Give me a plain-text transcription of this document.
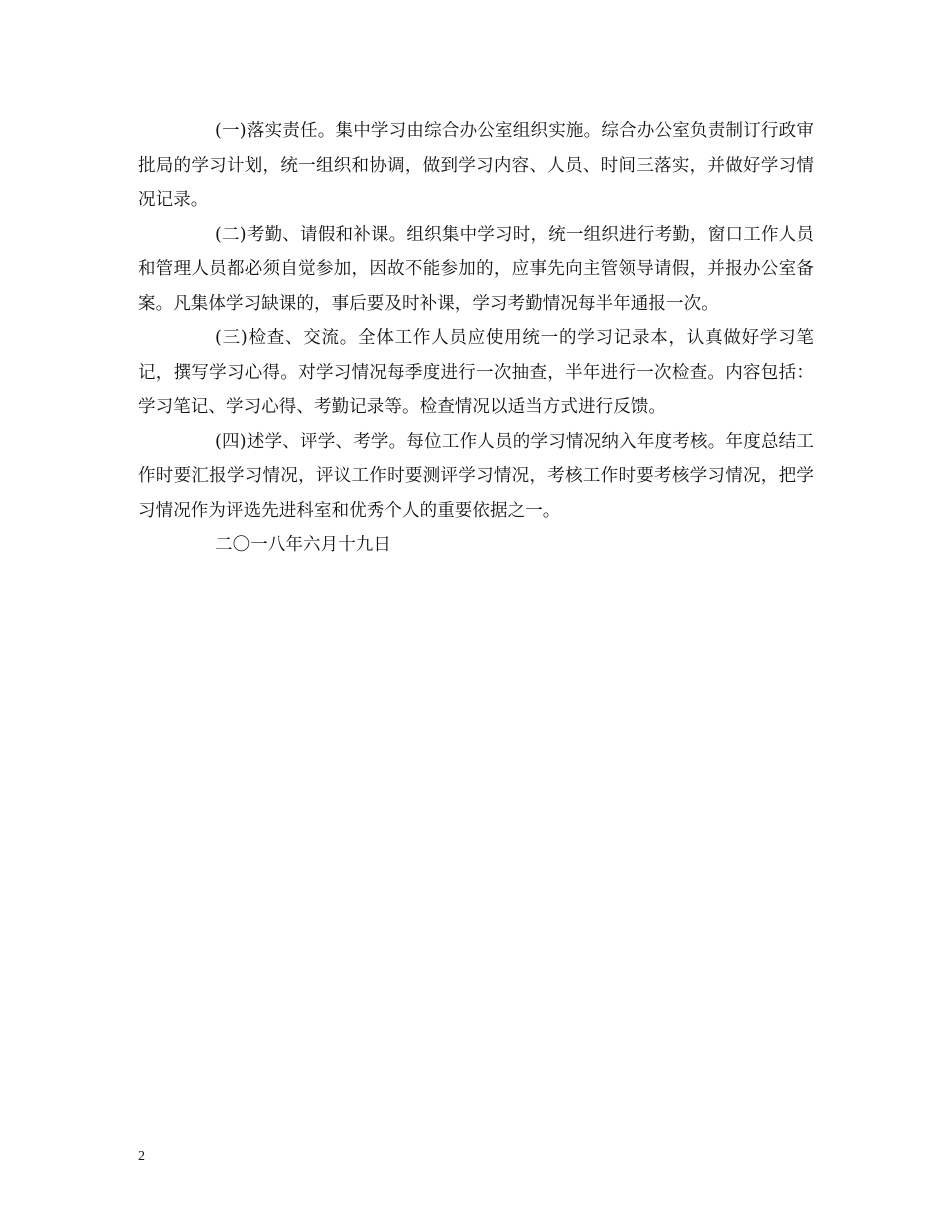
(一)落实责任。集中学习由综合办公室组织实施。综合办公室负责制订行政审批局的学习计划，统一组织和协调，做到学习内容、人员、时间三落实，并做好学习情况记录。

(二)考勤、请假和补课。组织集中学习时，统一组织进行考勤，窗口工作人员和管理人员都必须自觉参加，因故不能参加的，应事先向主管领导请假，并报办公室备案。凡集体学习缺课的，事后要及时补课，学习考勤情况每半年通报一次。

(三)检查、交流。全体工作人员应使用统一的学习记录本，认真做好学习笔记，撰写学习心得。对学习情况每季度进行一次抽查，半年进行一次检查。内容包括：学习笔记、学习心得、考勤记录等。检查情况以适当方式进行反馈。

(四)述学、评学、考学。每位工作人员的学习情况纳入年度考核。年度总结工作时要汇报学习情况，评议工作时要测评学习情况，考核工作时要考核学习情况，把学习情况作为评选先进科室和优秀个人的重要依据之一。

二〇一八年六月十九日

2
